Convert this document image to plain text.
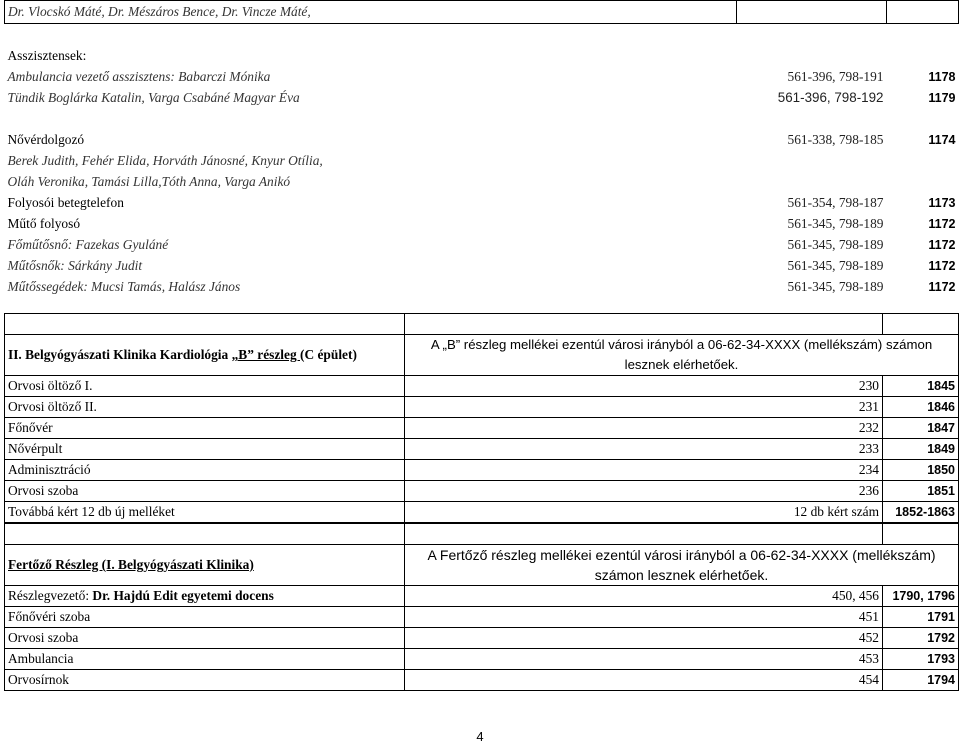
Dr. Vlocskó Máté, Dr. Mészáros Bence, Dr. Vincze Máté,		

Asszisztensek:		
Ambulancia vezető asszisztens: Babarczi Mónika	561-396, 798-191	1178
Tündik Boglárka Katalin, Varga Csabáné Magyar Éva	561-396, 798-192	1179

Nővérdolgozó	561-338, 798-185	1174
Berek Judith, Fehér Elida, Horváth Jánosné, Knyur Otília,		
Oláh Veronika, Tamási Lilla,Tóth Anna, Varga Anikó		
Folyosói betegtelefon	561-354, 798-187	1173
Műtő folyosó	561-345, 798-189	1172
Főműtősnő: Fazekas Gyuláné	561-345, 798-189	1172
Műtősnők: Sárkány Judit	561-345, 798-189	1172
Műtőssegédek: Mucsi Tamás, Halász János	561-345, 798-189	1172

II. Belgyógyászati Klinika Kardiológia „B” részleg (C épület)	A „B” részleg mellékei ezentúl városi irányból a 06-62-34-XXXX (mellékszám) számon lesznek elérhetőek.	
Orvosi öltöző I.	230	1845
Orvosi öltöző II.	231	1846
Főnővér	232	1847
Nővérpult	233	1849
Adminisztráció	234	1850
Orvosi szoba	236	1851
Továbbá kért 12 db új melléket	12 db kért szám	1852-1863

Fertőző Részleg (I. Belgyógyászati Klinika)	A Fertőző részleg mellékei ezentúl városi irányból a 06-62-34-XXXX (mellékszám) számon lesznek elérhetőek.	
Részlegvezető: Dr. Hajdú Edit egyetemi docens	450, 456	1790, 1796
Főnővéri szoba	451	1791
Orvosi szoba	452	1792
Ambulancia	453	1793
Orvosírnok	454	1794
4
